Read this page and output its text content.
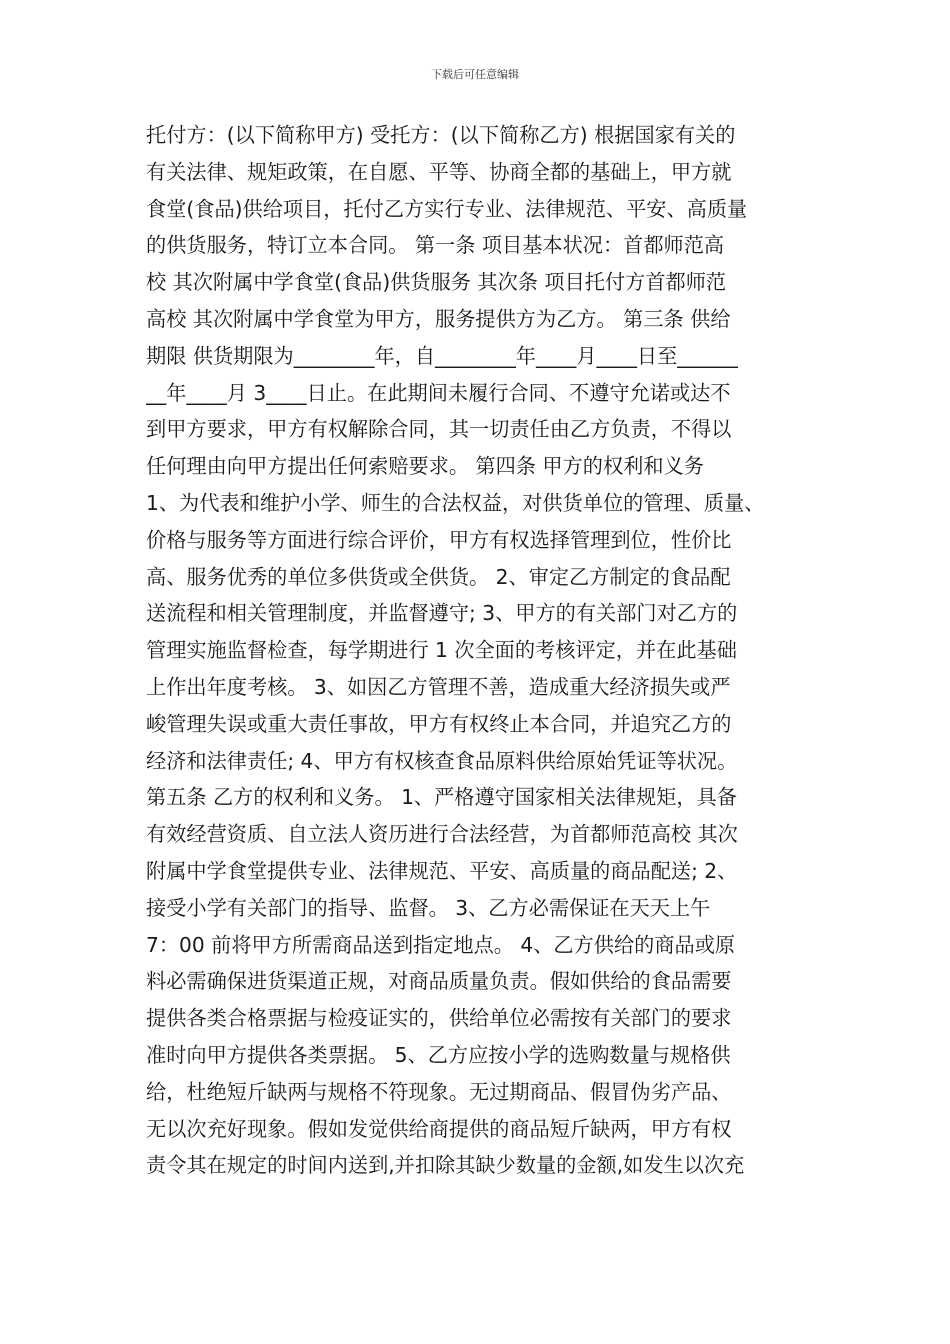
下载后可任意编辑
托付方：(以下简称甲方) 受托方：(以下简称乙方) 根据国家有关的
有关法律、规矩政策，在自愿、平等、协商全都的基础上，甲方就
食堂(食品)供给项目，托付乙方实行专业、法律规范、平安、高质量
的供货服务，特订立本合同。 第一条 项目基本状况：首都师范高
校 其次附属中学食堂(食品)供货服务 其次条 项目托付方首都师范
高校 其次附属中学食堂为甲方，服务提供方为乙方。 第三条 供给
期限 供货期限为________年，自________年____月____日至______
__年____月 3____日止。在此期间未履行合同、不遵守允诺或达不
到甲方要求，甲方有权解除合同，其一切责任由乙方负责，不得以
任何理由向甲方提出任何索赔要求。 第四条 甲方的权利和义务
1、为代表和维护小学、师生的合法权益，对供货单位的管理、质量、
价格与服务等方面进行综合评价，甲方有权选择管理到位，性价比
高、服务优秀的单位多供货或全供货。 2、审定乙方制定的食品配
送流程和相关管理制度，并监督遵守; 3、甲方的有关部门对乙方的
管理实施监督检查，每学期进行 1 次全面的考核评定，并在此基础
上作出年度考核。 3、如因乙方管理不善，造成重大经济损失或严
峻管理失误或重大责任事故，甲方有权终止本合同，并追究乙方的
经济和法律责任; 4、甲方有权核查食品原料供给原始凭证等状况。
第五条 乙方的权利和义务。 1、严格遵守国家相关法律规矩，具备
有效经营资质、自立法人资历进行合法经营，为首都师范高校 其次
附属中学食堂提供专业、法律规范、平安、高质量的商品配送; 2、
接受小学有关部门的指导、监督。 3、乙方必需保证在天天上午
7：00 前将甲方所需商品送到指定地点。 4、乙方供给的商品或原
料必需确保进货渠道正规，对商品质量负责。假如供给的食品需要
提供各类合格票据与检疫证实的，供给单位必需按有关部门的要求
准时向甲方提供各类票据。 5、乙方应按小学的选购数量与规格供
给，杜绝短斤缺两与规格不符现象。无过期商品、假冒伪劣产品、
无以次充好现象。假如发觉供给商提供的商品短斤缺两，甲方有权
责令其在规定的时间内送到,并扣除其缺少数量的金额,如发生以次充
